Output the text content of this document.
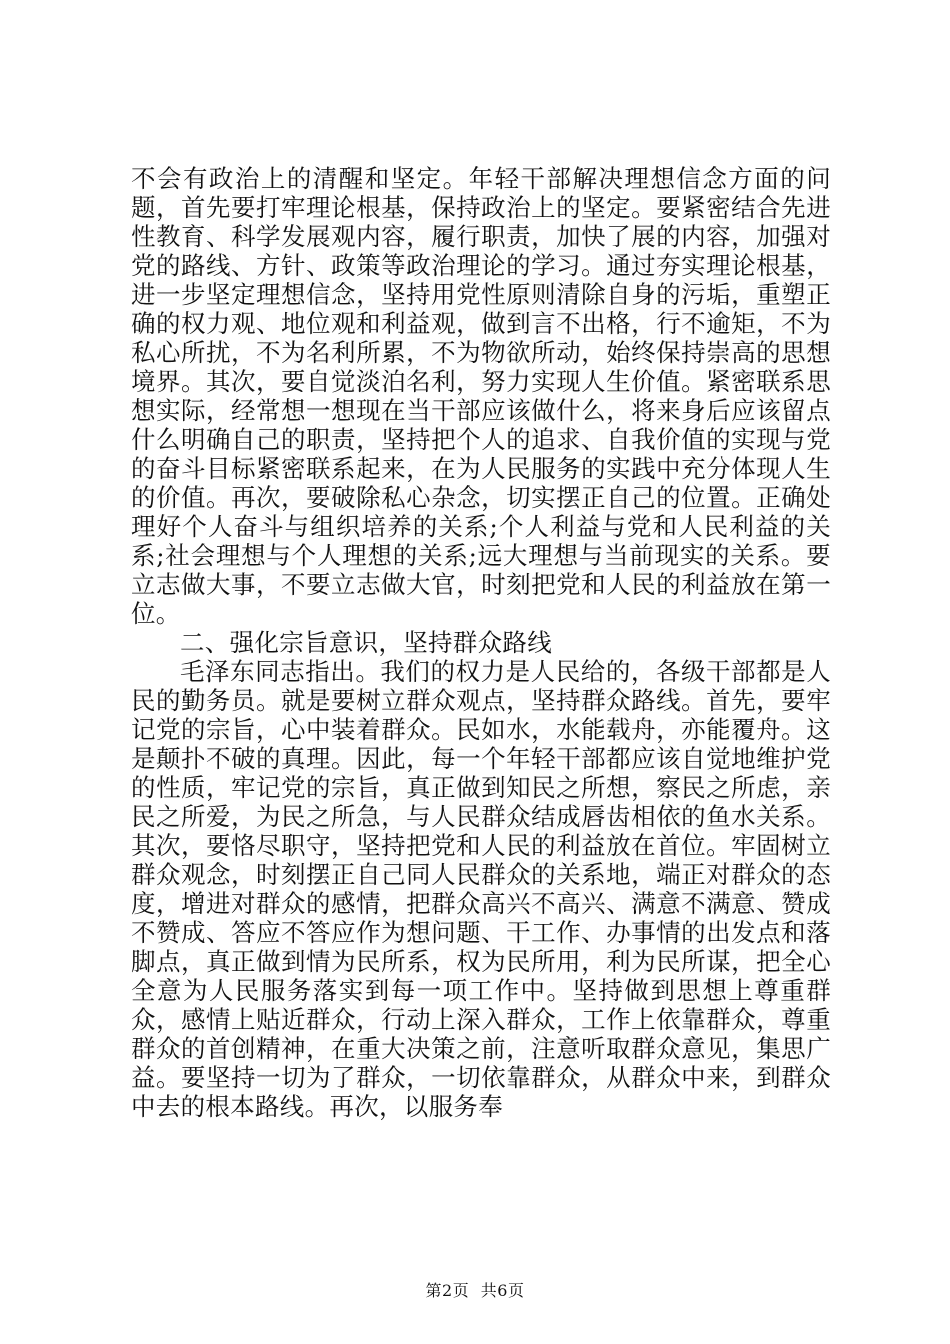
不会有政治上的清醒和坚定。年轻干部解决理想信念方面的问题，首先要打牢理论根基，保持政治上的坚定。要紧密结合先进性教育、科学发展观内容，履行职责，加快了展的内容，加强对党的路线、方针、政策等政治理论的学习。通过夯实理论根基，进一步坚定理想信念，坚持用党性原则清除自身的污垢，重塑正确的权力观、地位观和利益观，做到言不出格，行不逾矩，不为私心所扰，不为名利所累，不为物欲所动，始终保持崇高的思想境界。其次，要自觉淡泊名利，努力实现人生价值。紧密联系思想实际，经常想一想现在当干部应该做什么，将来身后应该留点什么明确自己的职责，坚持把个人的追求、自我价值的实现与党的奋斗目标紧密联系起来，在为人民服务的实践中充分体现人生的价值。再次，要破除私心杂念，切实摆正自己的位置。正确处理好个人奋斗与组织培养的关系;个人利益与党和人民利益的关系;社会理想与个人理想的关系;远大理想与当前现实的关系。要立志做大事，不要立志做大官，时刻把党和人民的利益放在第一位。

二、强化宗旨意识，坚持群众路线

毛泽东同志指出。我们的权力是人民给的，各级干部都是人民的勤务员。就是要树立群众观点，坚持群众路线。首先，要牢记党的宗旨，心中装着群众。民如水，水能载舟，亦能覆舟。这是颠扑不破的真理。因此，每一个年轻干部都应该自觉地维护党的性质，牢记党的宗旨，真正做到知民之所想，察民之所虑，亲民之所爱，为民之所急，与人民群众结成唇齿相依的鱼水关系。其次，要恪尽职守，坚持把党和人民的利益放在首位。牢固树立群众观念，时刻摆正自己同人民群众的关系地，端正对群众的态度，增进对群众的感情，把群众高兴不高兴、满意不满意、赞成不赞成、答应不答应作为想问题、干工作、办事情的出发点和落脚点，真正做到情为民所系，权为民所用，利为民所谋，把全心全意为人民服务落实到每一项工作中。坚持做到思想上尊重群众，感情上贴近群众，行动上深入群众，工作上依靠群众，尊重群众的首创精神，在重大决策之前，注意听取群众意见，集思广益。要坚持一切为了群众，一切依靠群众，从群众中来，到群众中去的根本路线。再次，以服务奉

第2页 共6页
